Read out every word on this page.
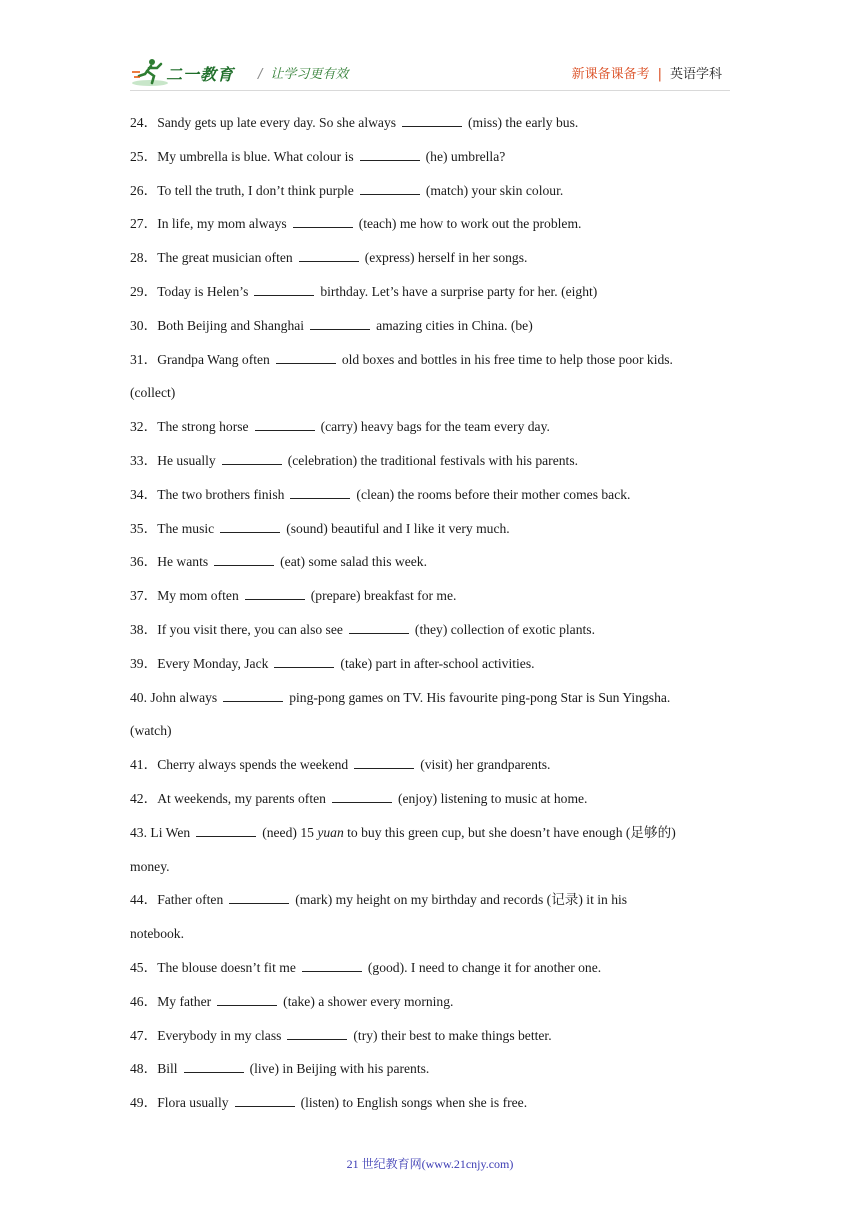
二一教育 / 让学习更有效	新课备课备考 | 英语学科
24．Sandy gets up late every day. So she always	(miss) the early bus.
25．My umbrella is blue. What colour is	(he) umbrella?
26．To tell the truth, I don’t think purple	(match) your skin colour.
27．In life, my mom always	(teach) me how to work out the problem.
28．The great musician often	(express) herself in her songs.
29．Today is Helen’s	birthday. Let’s have a surprise party for her. (eight)
30．Both Beijing and Shanghai	amazing cities in China. (be)
31．Grandpa Wang often	old boxes and bottles in his free time to help those poor kids.
(collect)
32．The strong horse	(carry) heavy bags for the team every day.
33．He usually	(celebration) the traditional festivals with his parents.
34．The two brothers finish	(clean) the rooms before their mother comes back.
35．The music	(sound) beautiful and I like it very much.
36．He wants	(eat) some salad this week.
37．My mom often	(prepare) breakfast for me.
38．If you visit there, you can also see	(they) collection of exotic plants.
39．Every Monday, Jack	(take) part in after-school activities.
40. John always	ping-pong games on TV. His favourite ping-pong Star is Sun Yingsha.
(watch)
41．Cherry always spends the weekend	(visit) her grandparents.
42．At weekends, my parents often	(enjoy) listening to music at home.
43. Li Wen	(need) 15 yuan to buy this green cup, but she doesn’t have enough (足够的)
money.
44．Father often	(mark) my height on my birthday and records (记录) it in his
notebook.
45．The blouse doesn’t fit me	(good). I need to change it for another one.
46．My father	(take) a shower every morning.
47．Everybody in my class	(try) their best to make things better.
48．Bill	(live) in Beijing with his parents.
49．Flora usually	(listen) to English songs when she is free.
21 世纪教育网(www.21cnjy.com)
